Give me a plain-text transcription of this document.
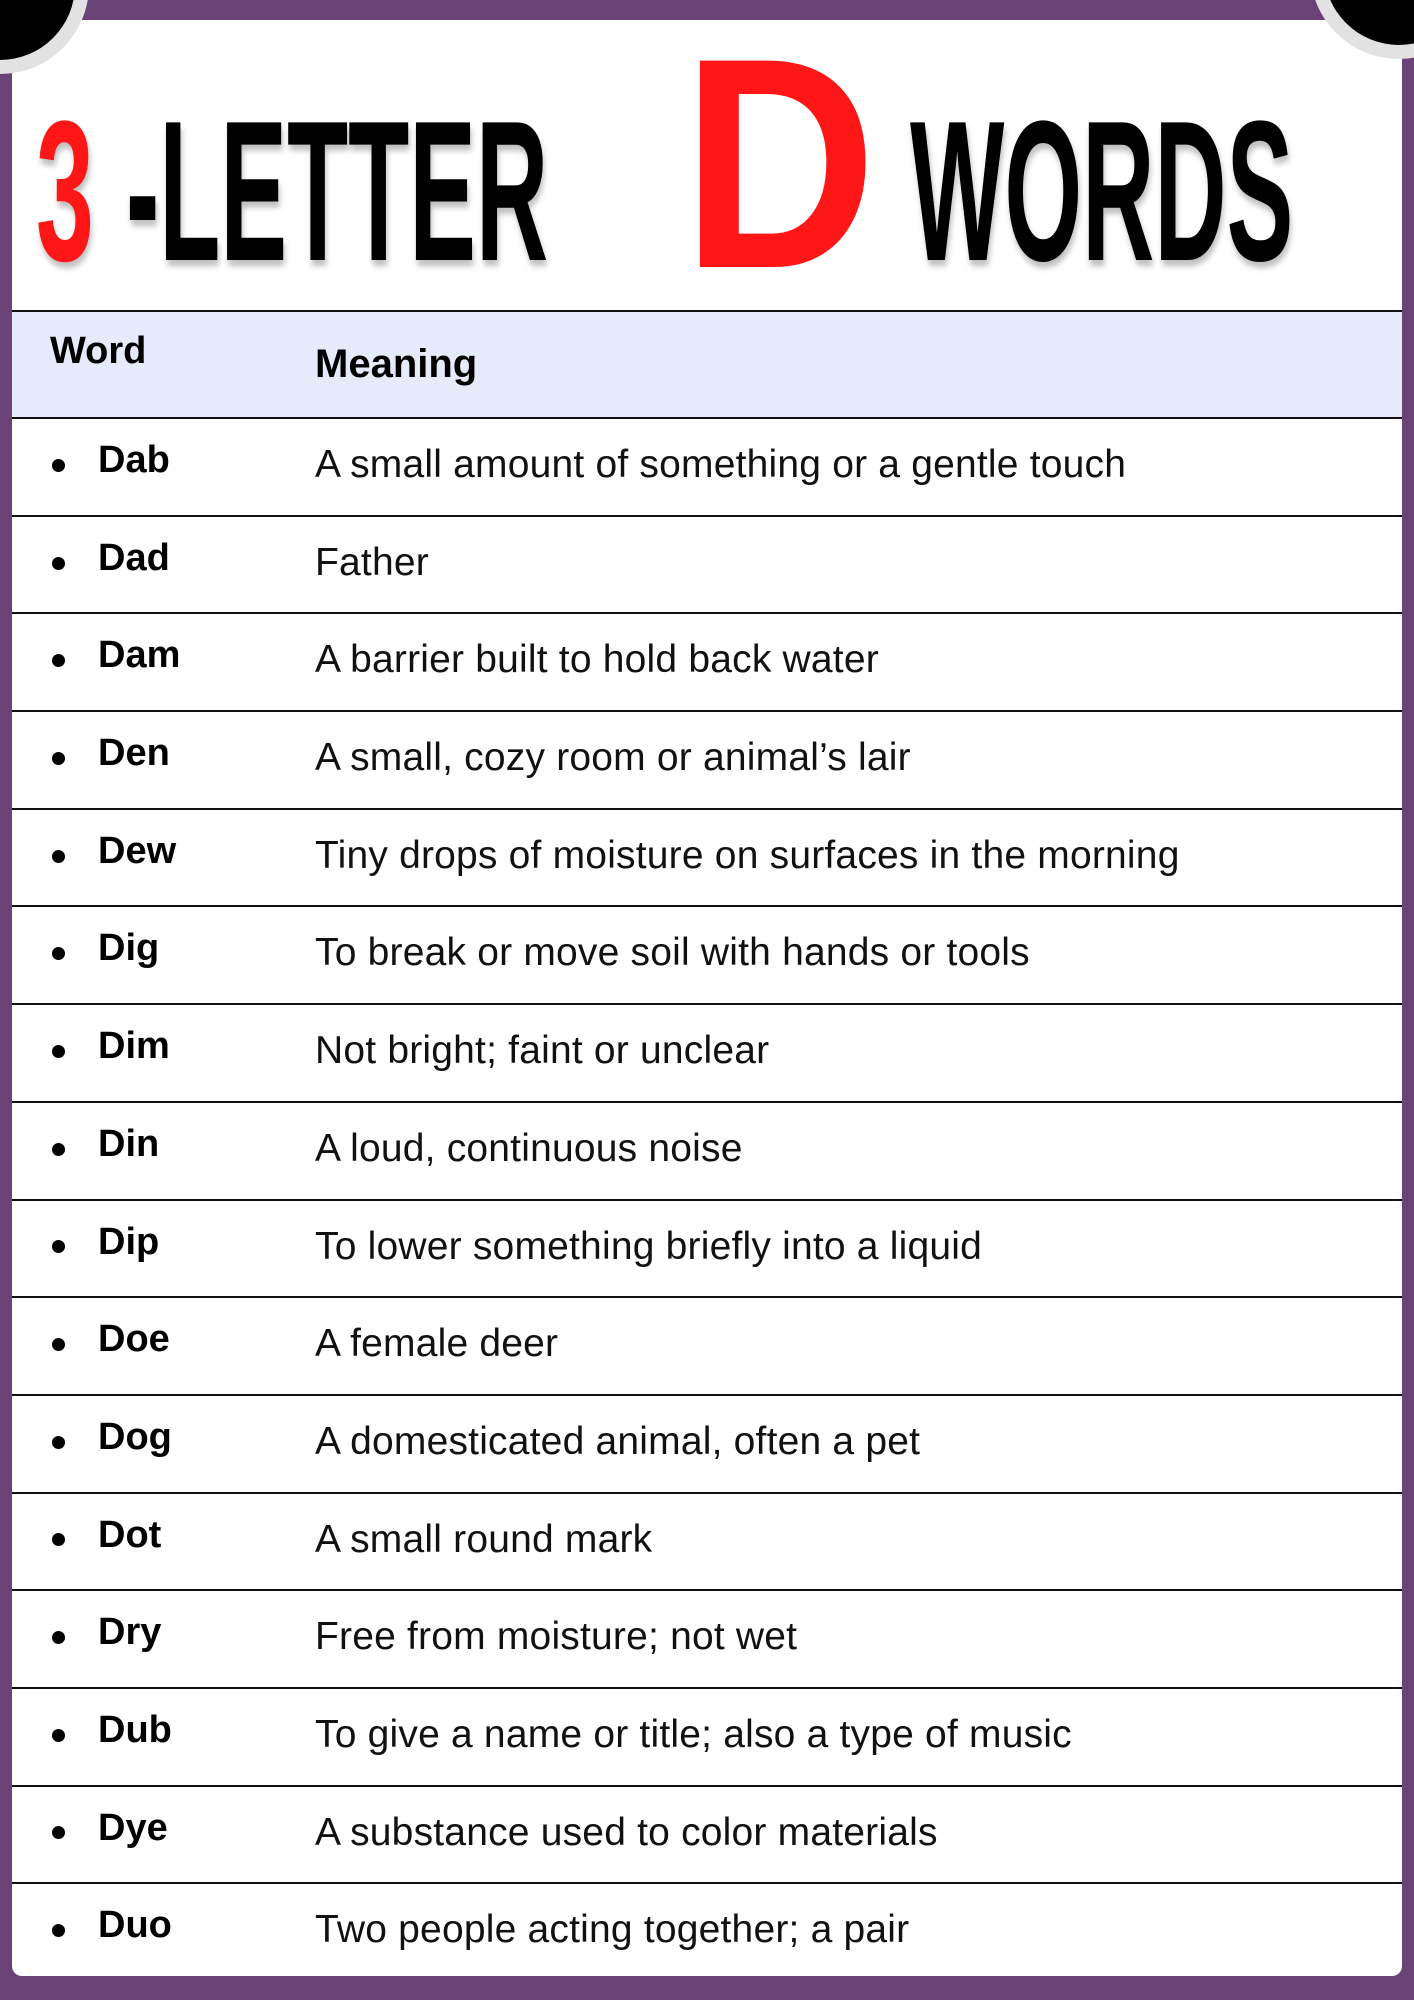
3 -LETTER D WORDS
Word	Meaning
Dab	A small amount of something or a gentle touch
Dad	Father
Dam	A barrier built to hold back water
Den	A small, cozy room or animal’s lair
Dew	Tiny drops of moisture on surfaces in the morning
Dig	To break or move soil with hands or tools
Dim	Not bright; faint or unclear
Din	A loud, continuous noise
Dip	To lower something briefly into a liquid
Doe	A female deer
Dog	A domesticated animal, often a pet
Dot	A small round mark
Dry	Free from moisture; not wet
Dub	To give a name or title; also a type of music
Dye	A substance used to color materials
Duo	Two people acting together; a pair
